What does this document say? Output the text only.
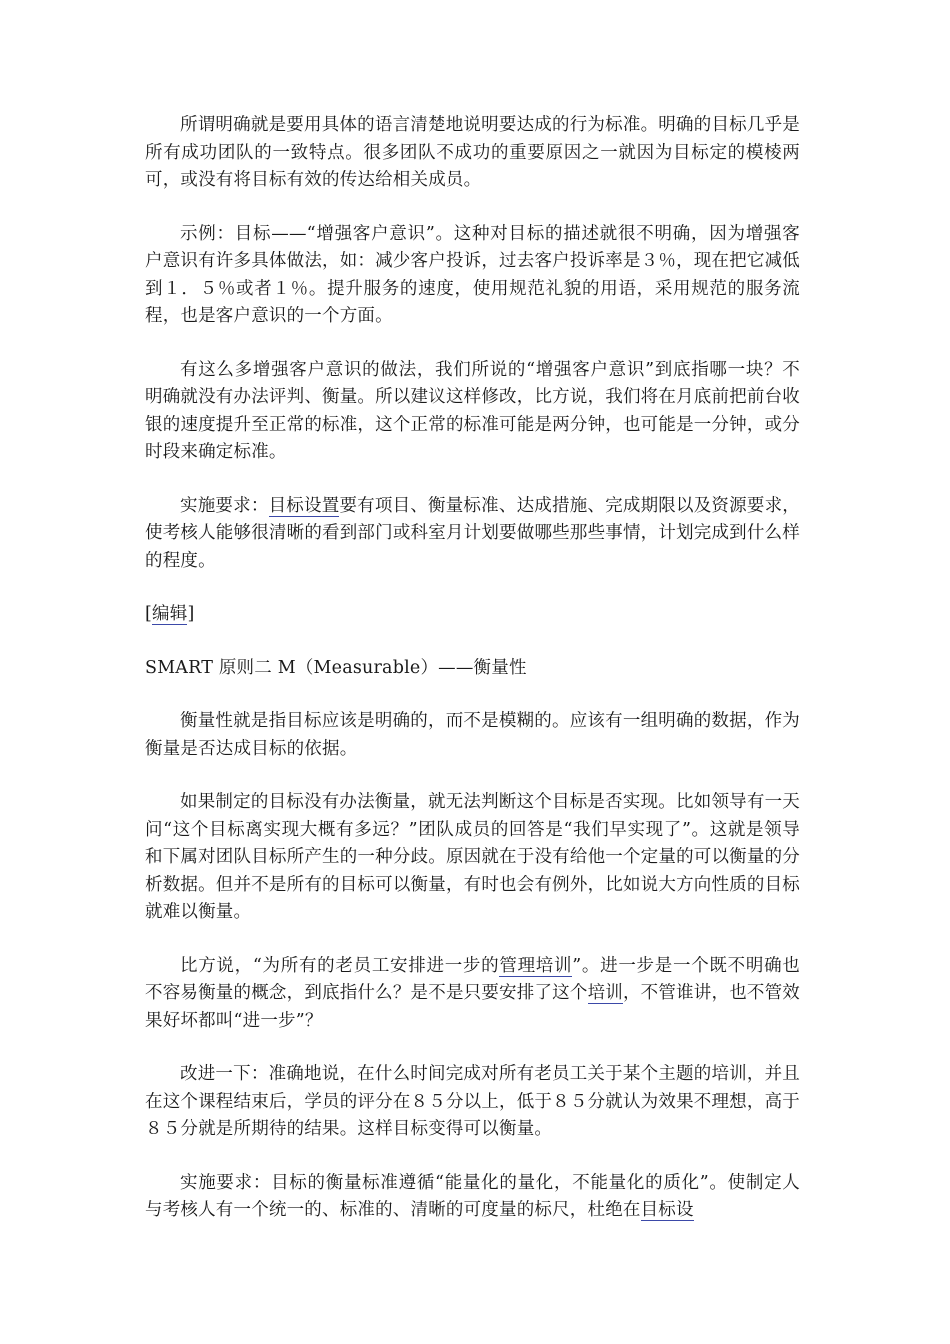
所谓明确就是要用具体的语言清楚地说明要达成的行为标准。明确的目标几乎是所有成功团队的一致特点。很多团队不成功的重要原因之一就因为目标定的模棱两可，或没有将目标有效的传达给相关成员。

示例：目标——“增强客户意识”。这种对目标的描述就很不明确，因为增强客户意识有许多具体做法，如：减少客户投诉，过去客户投诉率是３％，现在把它减低到１．５％或者１％。提升服务的速度，使用规范礼貌的用语，采用规范的服务流程，也是客户意识的一个方面。

有这么多增强客户意识的做法，我们所说的“增强客户意识”到底指哪一块？不明确就没有办法评判、衡量。所以建议这样修改，比方说，我们将在月底前把前台收银的速度提升至正常的标准，这个正常的标准可能是两分钟，也可能是一分钟，或分时段来确定标准。

实施要求：目标设置要有项目、衡量标准、达成措施、完成期限以及资源要求，使考核人能够很清晰的看到部门或科室月计划要做哪些那些事情，计划完成到什么样的程度。

[编辑]

SMART 原则二 M（Measurable）——衡量性

衡量性就是指目标应该是明确的，而不是模糊的。应该有一组明确的数据，作为衡量是否达成目标的依据。

如果制定的目标没有办法衡量，就无法判断这个目标是否实现。比如领导有一天问“这个目标离实现大概有多远？”团队成员的回答是“我们早实现了”。这就是领导和下属对团队目标所产生的一种分歧。原因就在于没有给他一个定量的可以衡量的分析数据。但并不是所有的目标可以衡量，有时也会有例外，比如说大方向性质的目标就难以衡量。

比方说，“为所有的老员工安排进一步的管理培训”。进一步是一个既不明确也不容易衡量的概念，到底指什么？是不是只要安排了这个培训，不管谁讲，也不管效果好坏都叫“进一步”？

改进一下：准确地说，在什么时间完成对所有老员工关于某个主题的培训，并且在这个课程结束后，学员的评分在８５分以上，低于８５分就认为效果不理想，高于８５分就是所期待的结果。这样目标变得可以衡量。

实施要求：目标的衡量标准遵循“能量化的量化，不能量化的质化”。使制定人与考核人有一个统一的、标准的、清晰的可度量的标尺，杜绝在目标设
